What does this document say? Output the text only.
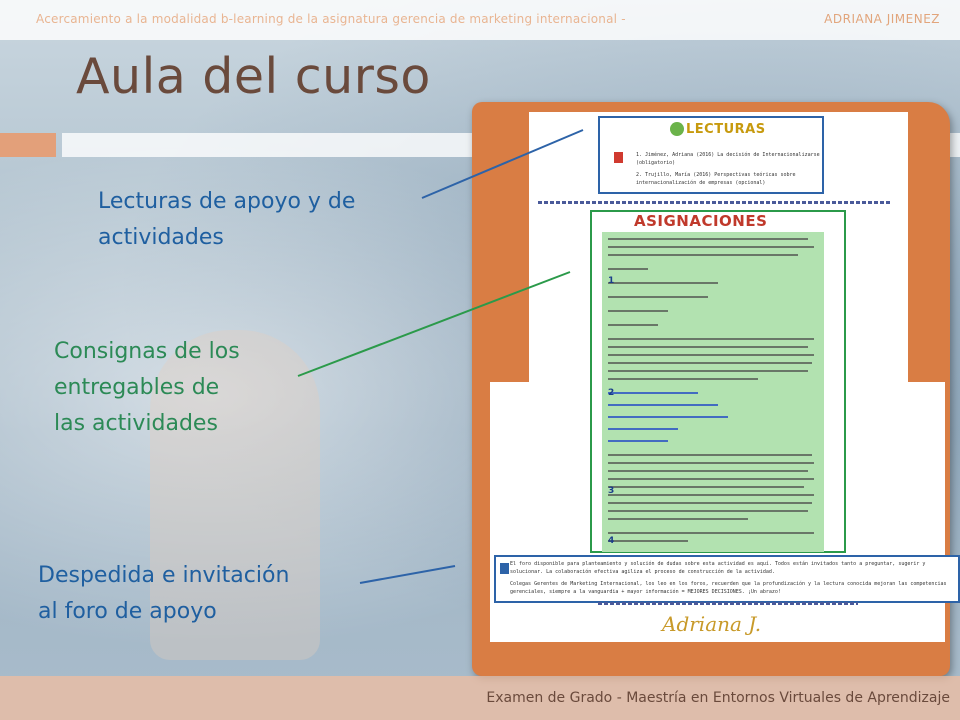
Acercamiento a la modalidad b-learning de la asignatura gerencia de marketing internacional -	ADRIANA JIMENEZ
Aula del curso
Lecturas de apoyo y de
actividades
Consignas de los
entregables de
las actividades
Despedida e invitación
al foro de apoyo
LECTURAS
1. Jiménez, Adriana (2016) La decisión de Internacionalizarse
(obligatorio)
2. Trujillo, María (2016) Perspectivas teóricas sobre
internacionalización de empresas (opcional)
ASIGNACIONES
1
2
3
4
El foro disponible para planteamiento y solución de dudas sobre esta actividad es aquí. Todos están invitados tanto a preguntar, sugerir y
solucionar. La colaboración efectiva agiliza el proceso de construcción de la actividad.
Colegas Gerentes de Marketing Internacional, los leo en los foros, recuerden que la profundización y la lectura conocida mejoran las competencias
gerenciales, siempre a la vanguardia + mayor información = MEJORES DECISIONES. ¡Un abrazo!
Adriana J.
Examen de Grado - Maestría en Entornos Virtuales de Aprendizaje
